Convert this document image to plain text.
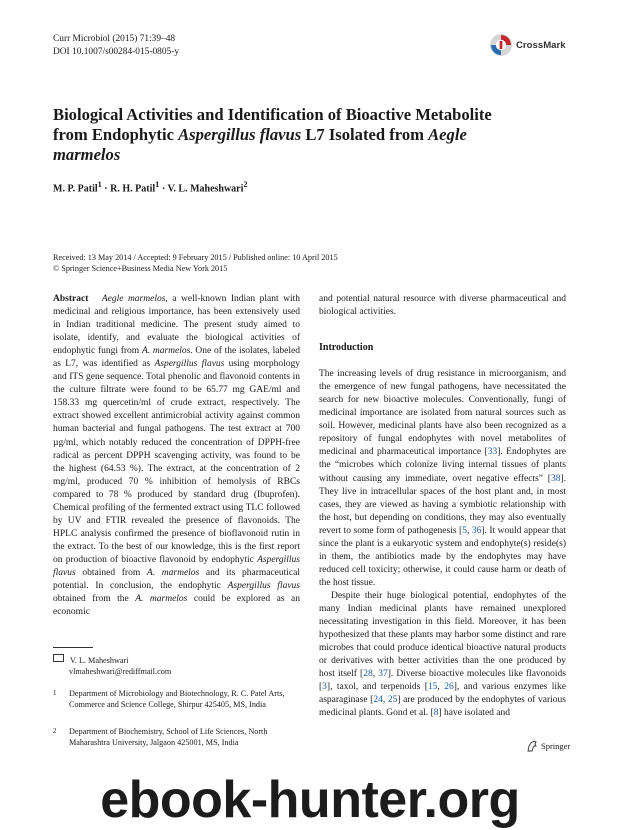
Curr Microbiol (2015) 71:39–48
DOI 10.1007/s00284-015-0805-y
CrossMark
Biological Activities and Identification of Bioactive Metabolite from Endophytic Aspergillus flavus L7 Isolated from Aegle marmelos
M. P. Patil$^1$ · R. H. Patil$^1$ · V. L. Maheshwari$^2$
Received: 13 May 2014 / Accepted: 9 February 2015 / Published online: 10 April 2015
© Springer Science+Business Media New York 2015

Abstract Aegle marmelos, a well-known Indian plant with medicinal and religious importance, has been extensively used in Indian traditional medicine. The present study aimed to isolate, identify, and evaluate the biological activities of endophytic fungi from A. marmelos. One of the isolates, labeled as L7, was identified as Aspergillus flavus using morphology and ITS gene sequence. Total phenolic and flavonoid contents in the culture filtrate were found to be 65.77 mg GAE/ml and 158.33 mg quercetin/ml of crude extract, respectively. The extract showed excellent antimicrobial activity against common human bacterial and fungal pathogens. The test extract at 700 µg/ml, which notably reduced the concentration of DPPH-free radical as percent DPPH scavenging activity, was found to be the highest (64.53 %). The extract, at the concentration of 2 mg/ml, produced 70 % inhibition of hemolysis of RBCs compared to 78 % produced by standard drug (Ibuprofen). Chemical profiling of the fermented extract using TLC followed by UV and FTIR revealed the presence of flavonoids. The HPLC analysis confirmed the presence of bioflavonoid rutin in the extract. To the best of our knowledge, this is the first report on production of bioactive flavonoid by endophytic Aspergillus flavus obtained from A. marmelos and its pharmaceutical potential. In conclusion, the endophytic Aspergillus flavus obtained from the A. marmelos could be explored as an economic

V. L. Maheshwari
vlmaheshwari@rediffmail.com
1	Department of Microbiology and Biotechnology, R. C. Patel Arts, Commerce and Science College, Shirpur 425405, MS, India
2	Department of Biochemistry, School of Life Sciences, North Maharashtra University, Jalgaon 425001, MS, India

and potential natural resource with diverse pharmaceutical and biological activities.

Introduction

The increasing levels of drug resistance in microorganism, and the emergence of new fungal pathogens, have necessitated the search for new bioactive molecules. Conventionally, fungi of medicinal importance are isolated from natural sources such as soil. However, medicinal plants have also been recognized as a repository of fungal endophytes with novel metabolites of medicinal and pharmaceutical importance [33]. Endophytes are the “microbes which colonize living internal tissues of plants without causing any immediate, overt negative effects” [38]. They live in intracellular spaces of the host plant and, in most cases, they are viewed as having a symbiotic relationship with the host, but depending on conditions, they may also eventually revert to some form of pathogenesis [5, 36]. It would appear that since the plant is a eukaryotic system and endophyte(s) reside(s) in them, the antibiotics made by the endophytes may have reduced cell toxicity; otherwise, it could cause harm or death of the host tissue.

Despite their huge biological potential, endophytes of the many Indian medicinal plants have remained unexplored necessitating investigation in this field. Moreover, it has been hypothesized that these plants may harbor some distinct and rare microbes that could produce identical bioactive natural products or derivatives with better activities than the one produced by host itself [28, 37]. Diverse bioactive molecules like flavonoids [3], taxol, and terpenoids [15, 26], and various enzymes like asparaginase [24, 25] are produced by the endophytes of various medicinal plants. Gond et al. [8] have isolated and

Springer
ebook-hunter.org
